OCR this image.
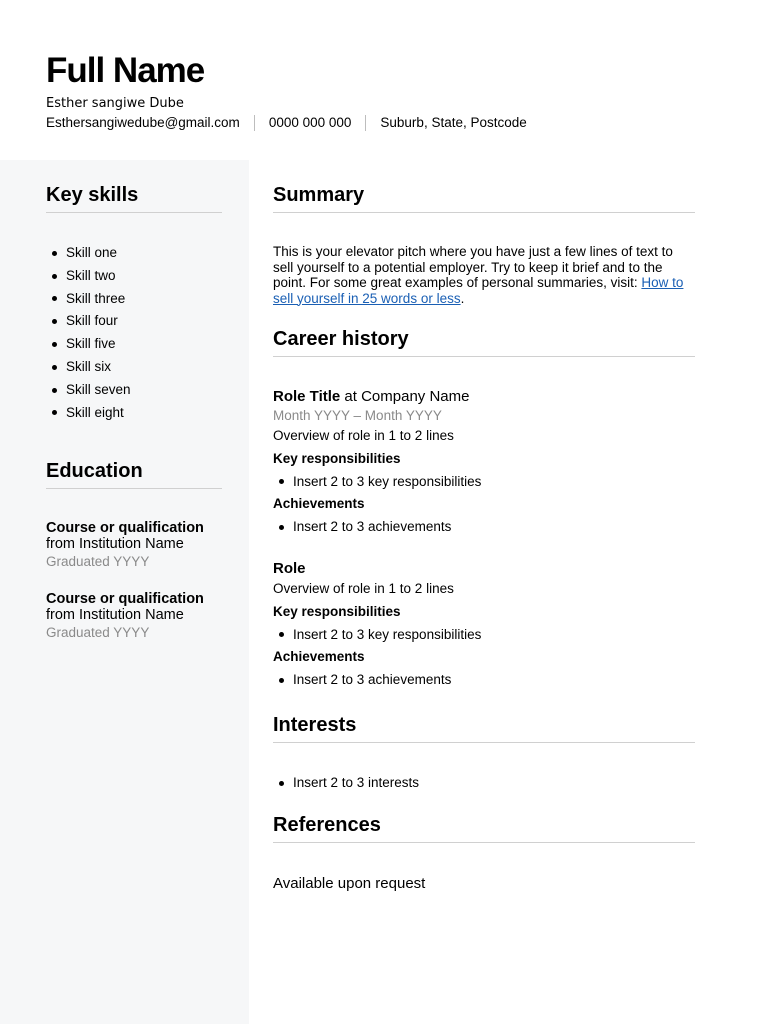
Full Name
Esther sangiwe Dube
Esthersangiwedube@gmail.com 0000 000 000 Suburb, State, Postcode
Key skills
Skill one
Skill two
Skill three
Skill four
Skill five
Skill six
Skill seven
Skill eight
Education
Course or qualification
from Institution Name
Graduated YYYY
Course or qualification
from Institution Name
Graduated YYYY
Summary
This is your elevator pitch where you have just a few lines of text to sell yourself to a potential employer. Try to keep it brief and to the point. For some great examples of personal summaries, visit: How to sell yourself in 25 words or less.
Career history
Role Title at Company Name
Month YYYY – Month YYYY
Overview of role in 1 to 2 lines
Key responsibilities
Insert 2 to 3 key responsibilities
Achievements
Insert 2 to 3 achievements
Role
Overview of role in 1 to 2 lines
Key responsibilities
Insert 2 to 3 key responsibilities
Achievements
Insert 2 to 3 achievements
Interests
Insert 2 to 3 interests
References
Available upon request
